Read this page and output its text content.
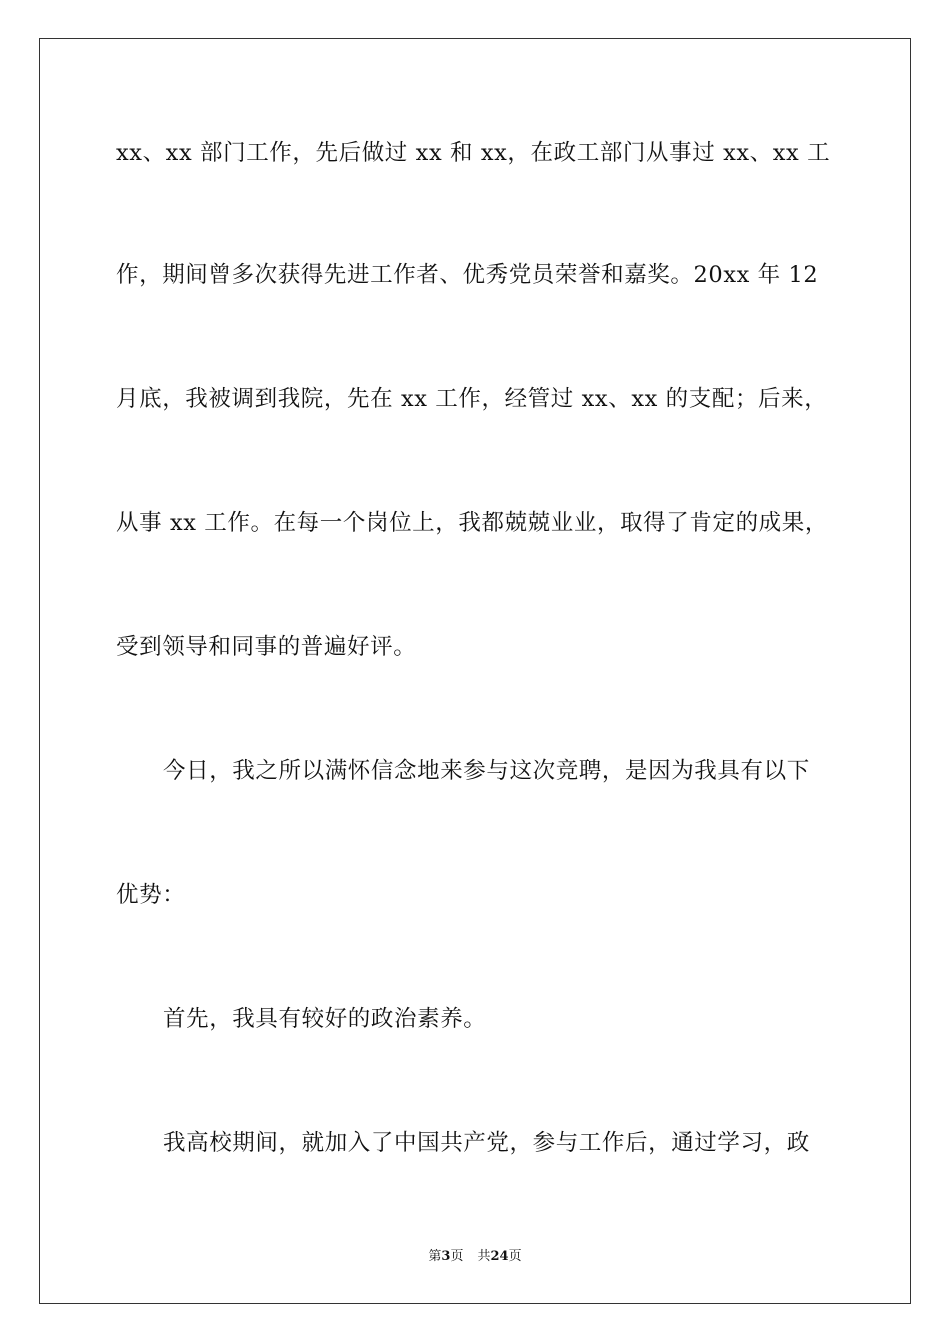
xx、xx 部门工作，先后做过 xx 和 xx，在政工部门从事过 xx、xx 工
作，期间曾多次获得先进工作者、优秀党员荣誉和嘉奖。20xx 年 12
月底，我被调到我院，先在 xx 工作，经管过 xx、xx 的支配；后来，
从事 xx 工作。在每一个岗位上，我都兢兢业业，取得了肯定的成果，
受到领导和同事的普遍好评。
今日，我之所以满怀信念地来参与这次竞聘，是因为我具有以下
优势：
首先，我具有较好的政治素养。
我高校期间，就加入了中国共产党，参与工作后，通过学习，政
第3页 共24页
